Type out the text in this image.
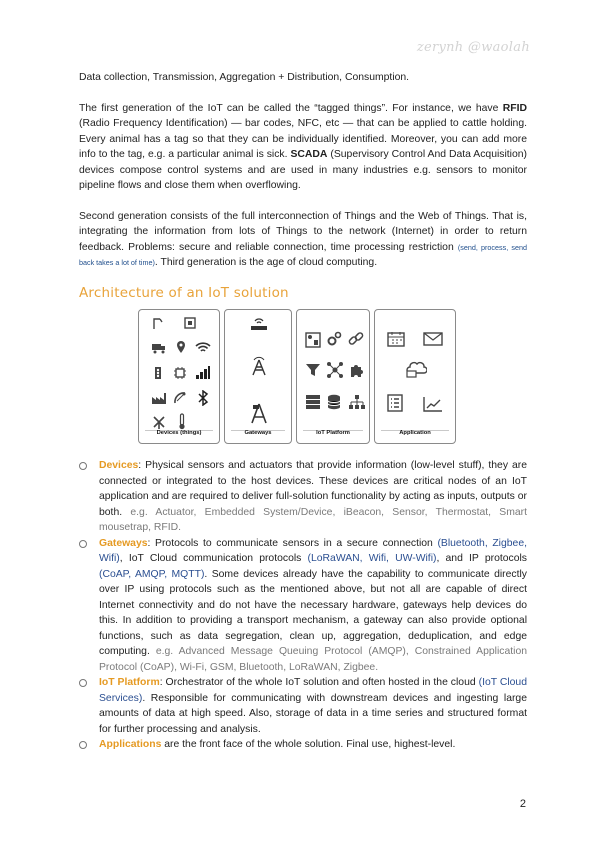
zerynh @waolah

Data collection, Transmission, Aggregation + Distribution, Consumption.

The first generation of the IoT can be called the “tagged things”. For instance, we have RFID (Radio Frequency Identification) — bar codes, NFC, etc — that can be applied to cattle holding. Every animal has a tag so that they can be individually identified. Moreover, you can add more info to the tag, e.g. a particular animal is sick. SCADA (Supervisory Control And Data Acquisition) devices compose control systems and are used in many industries e.g. sensors to monitor pipeline flows and close them when overflowing.

Second generation consists of the full interconnection of Things and the Web of Things. That is, integrating the information from lots of Things to the network (Internet) in order to return feedback. Problems: secure and reliable connection, time processing restriction (send, process, send back takes a lot of time). Third generation is the age of cloud computing.

Architecture of an IoT solution
Devices (things)	Gateways	IoT Platform	Application
Devices: Physical sensors and actuators that provide information (low-level stuff), they are connected or integrated to the host devices. These devices are critical nodes of an IoT application and are required to deliver full-solution functionality by acting as inputs, outputs or both. e.g. Actuator, Embedded System/Device, iBeacon, Sensor, Thermostat, Smart mousetrap, RFID.
Gateways: Protocols to communicate sensors in a secure connection (Bluetooth, Zigbee, Wifi), IoT Cloud communication protocols (LoRaWAN, Wifi, UW-Wifi), and IP protocols (CoAP, AMQP, MQTT). Some devices already have the capability to communicate directly over IP using protocols such as the mentioned above, but not all are capable of direct Internet connectivity and do not have the necessary hardware, gateways help devices do this. In addition to providing a transport mechanism, a gateway can also provide optional functions, such as data segregation, clean up, aggregation, deduplication, and edge computing. e.g. Advanced Message Queuing Protocol (AMQP), Constrained Application Protocol (CoAP), Wi-Fi, GSM, Bluetooth, LoRaWAN, Zigbee.
IoT Platform: Orchestrator of the whole IoT solution and often hosted in the cloud (IoT Cloud Services). Responsible for communicating with downstream devices and ingesting large amounts of data at high speed. Also, storage of data in a time series and structured format for further processing and analysis.
Applications are the front face of the whole solution. Final use, highest-level.
2
